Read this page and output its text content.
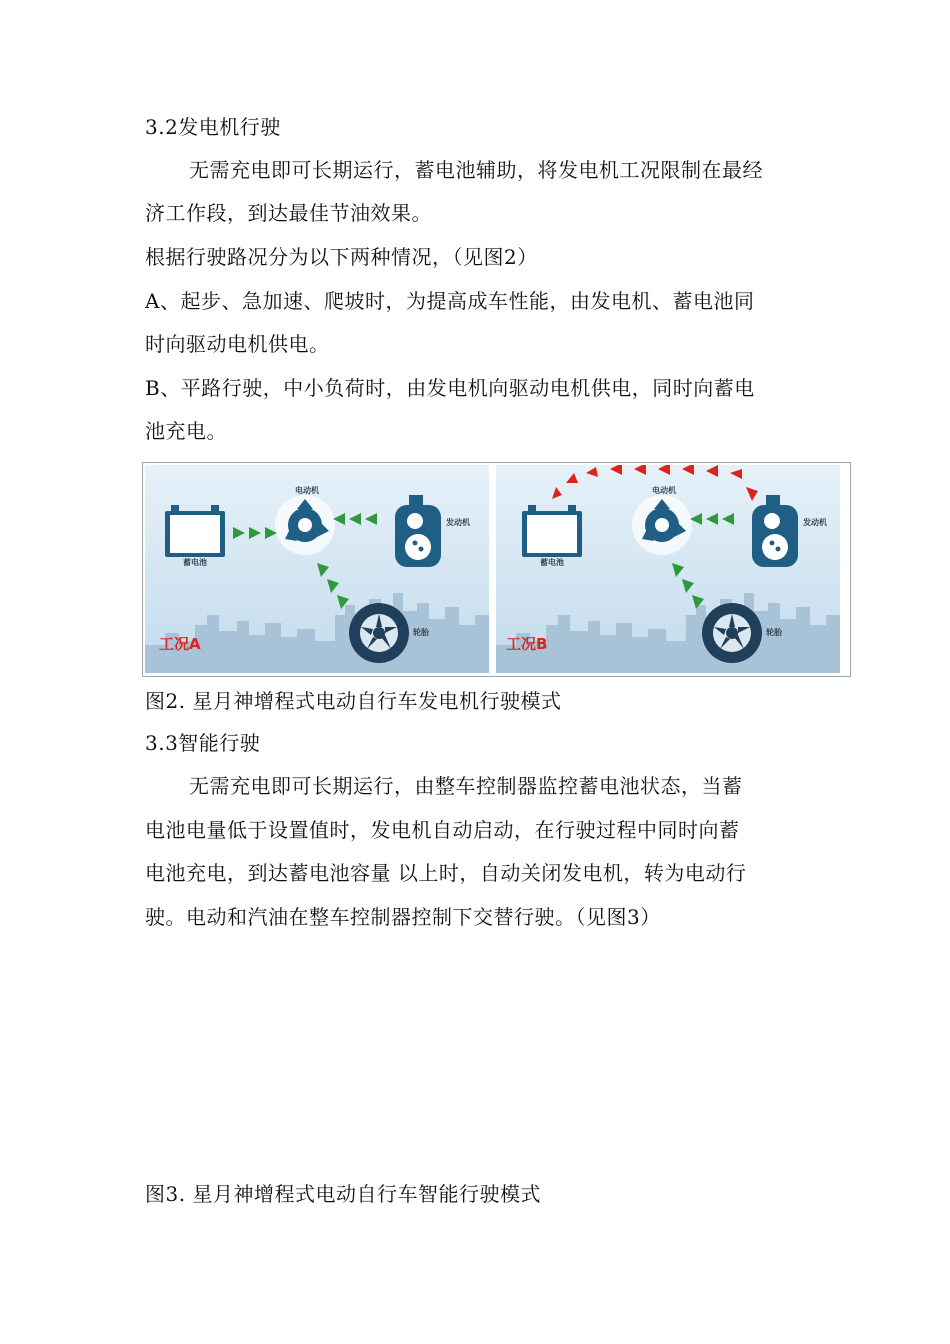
3.2发电机行驶

无需充电即可长期运行，蓄电池辅助，将发电机工况限制在最经

济工作段，到达最佳节油效果。

根据行驶路况分为以下两种情况，（见图2）

A、起步、急加速、爬坡时，为提高成车性能，由发电机、蓄电池同

时向驱动电机供电。

B、平路行驶，中小负荷时，由发电机向驱动电机供电，同时向蓄电

池充电。

蓄电池
电动机
发动机
轮胎
工况A
蓄电池
电动机
发动机
轮胎
工况B

图2. 星月神增程式电动自行车发电机行驶模式

3.3智能行驶

无需充电即可长期运行，由整车控制器监控蓄电池状态，当蓄

电池电量低于设置值时，发电机自动启动，在行驶过程中同时向蓄

电池充电，到达蓄电池容量 以上时，自动关闭发电机，转为电动行

驶。电动和汽油在整车控制器控制下交替行驶。（见图3）

图3. 星月神增程式电动自行车智能行驶模式
